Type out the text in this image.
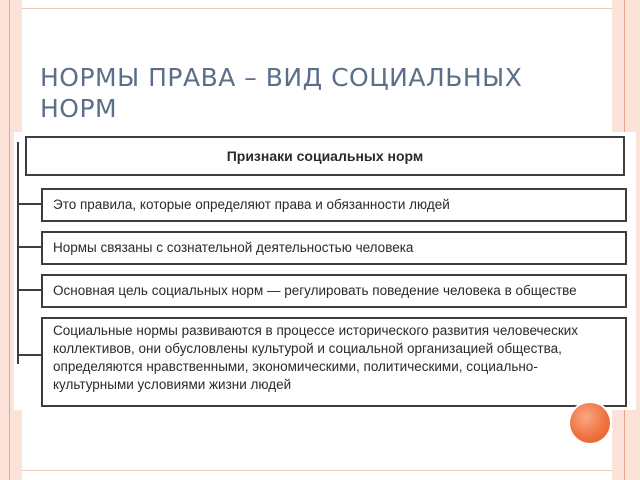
НОРМЫ ПРАВА – ВИД СОЦИАЛЬНЫХ НОРМ
Признаки социальных норм
Это правила, которые определяют права и обязанности людей
Нормы связаны с сознательной деятельностью человека
Основная цель социальных норм — регулировать поведение человека в обществе
Социальные нормы развиваются в процессе исторического развития человеческих коллективов, они обусловлены культурой и социальной организацией общества, определяются нравственными, экономическими, политическими, социально-культурными условиями жизни людей
